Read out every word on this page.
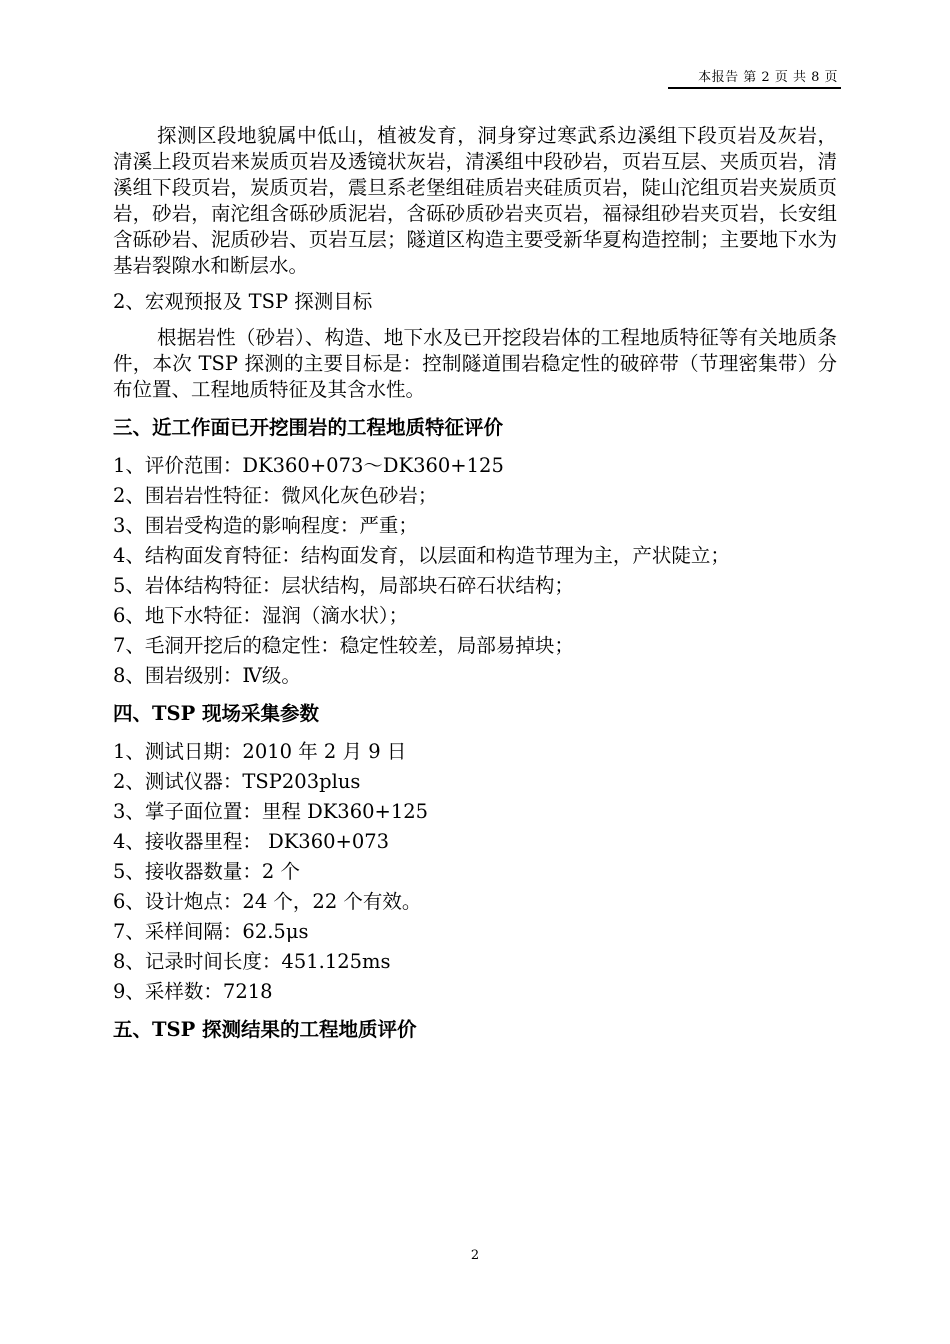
本报告 第 2 页 共 8 页

探测区段地貌属中低山，植被发育，洞身穿过寒武系边溪组下段页岩及灰岩，清溪上段页岩来炭质页岩及透镜状灰岩，清溪组中段砂岩，页岩互层、夹质页岩，清溪组下段页岩，炭质页岩，震旦系老堡组硅质岩夹硅质页岩，陡山沱组页岩夹炭质页岩，砂岩，南沱组含砾砂质泥岩，含砾砂质砂岩夹页岩，福禄组砂岩夹页岩，长安组含砾砂岩、泥质砂岩、页岩互层；隧道区构造主要受新华夏构造控制；主要地下水为基岩裂隙水和断层水。

2、宏观预报及 TSP 探测目标

根据岩性（砂岩）、构造、地下水及已开挖段岩体的工程地质特征等有关地质条件，本次 TSP 探测的主要目标是：控制隧道围岩稳定性的破碎带（节理密集带）分布位置、工程地质特征及其含水性。

三、近工作面已开挖围岩的工程地质特征评价

1、评价范围：DK360+073～DK360+125

2、围岩岩性特征：微风化灰色砂岩；

3、围岩受构造的影响程度：严重；

4、结构面发育特征：结构面发育，以层面和构造节理为主，产状陡立；

5、岩体结构特征：层状结构，局部块石碎石状结构；

6、地下水特征：湿润（滴水状）；

7、毛洞开挖后的稳定性：稳定性较差，局部易掉块；

8、围岩级别：Ⅳ级。

四、TSP 现场采集参数

1、测试日期：2010 年 2 月 9 日

2、测试仪器：TSP203plus

3、掌子面位置：里程 DK360+125

4、接收器里程： DK360+073

5、接收器数量：2 个

6、设计炮点：24 个，22 个有效。

7、采样间隔：62.5μs

8、记录时间长度：451.125ms

9、采样数：7218

五、TSP 探测结果的工程地质评价

2
